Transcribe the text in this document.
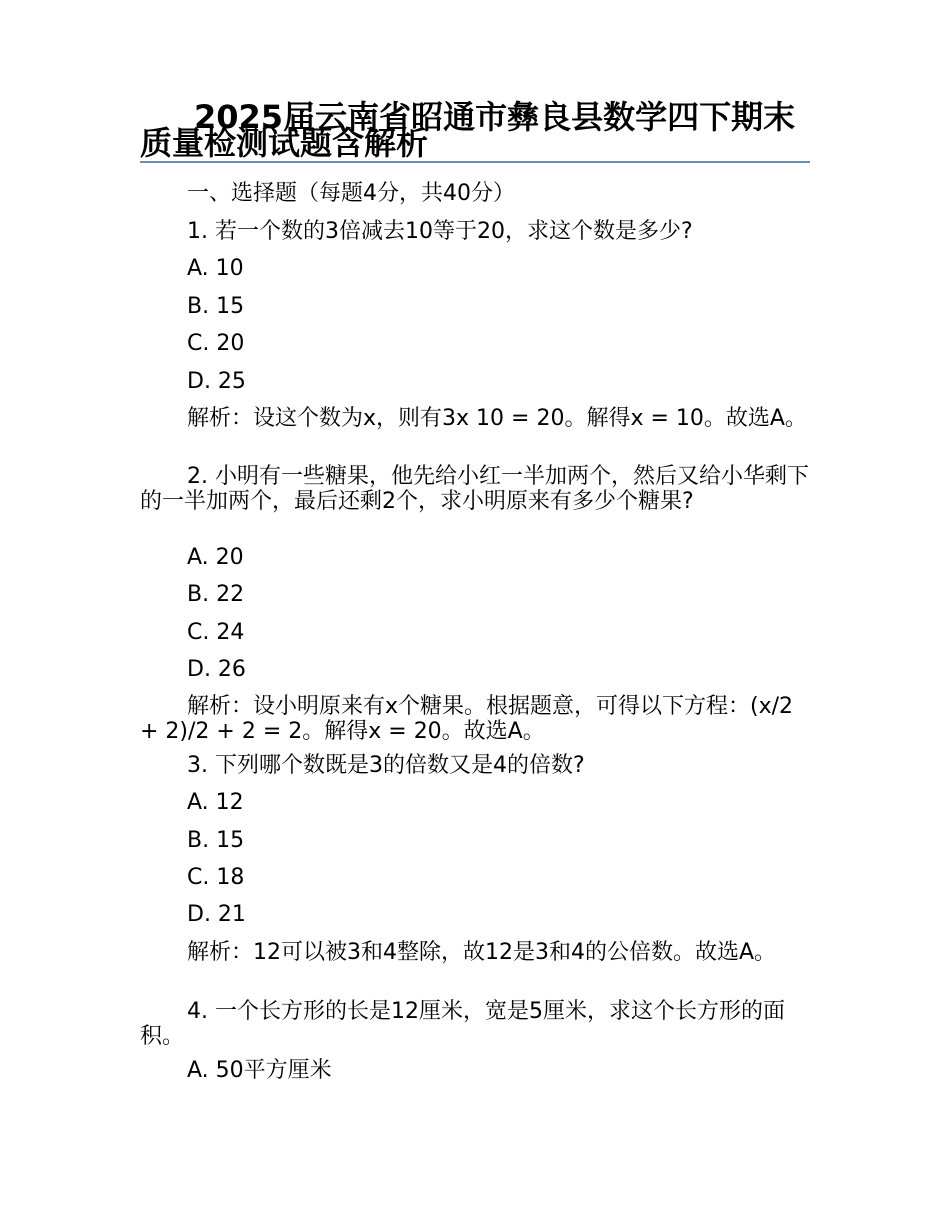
2025届云南省昭通市彝良县数学四下期末质量检测试题含解析
一、选择题（每题4分，共40分）
1. 若一个数的3倍减去10等于20，求这个数是多少?
A. 10
B. 15
C. 20
D. 25
解析：设这个数为x，则有3x 10 = 20。解得x = 10。故选A。
2. 小明有一些糖果，他先给小红一半加两个，然后又给小华剩下的一半加两个，最后还剩2个，求小明原来有多少个糖果?
A. 20
B. 22
C. 24
D. 26
解析：设小明原来有x个糖果。根据题意，可得以下方程：(x/2 + 2)/2 + 2 = 2。解得x = 20。故选A。
3. 下列哪个数既是3的倍数又是4的倍数?
A. 12
B. 15
C. 18
D. 21
解析：12可以被3和4整除，故12是3和4的公倍数。故选A。
4. 一个长方形的长是12厘米，宽是5厘米，求这个长方形的面积。
A. 50平方厘米
